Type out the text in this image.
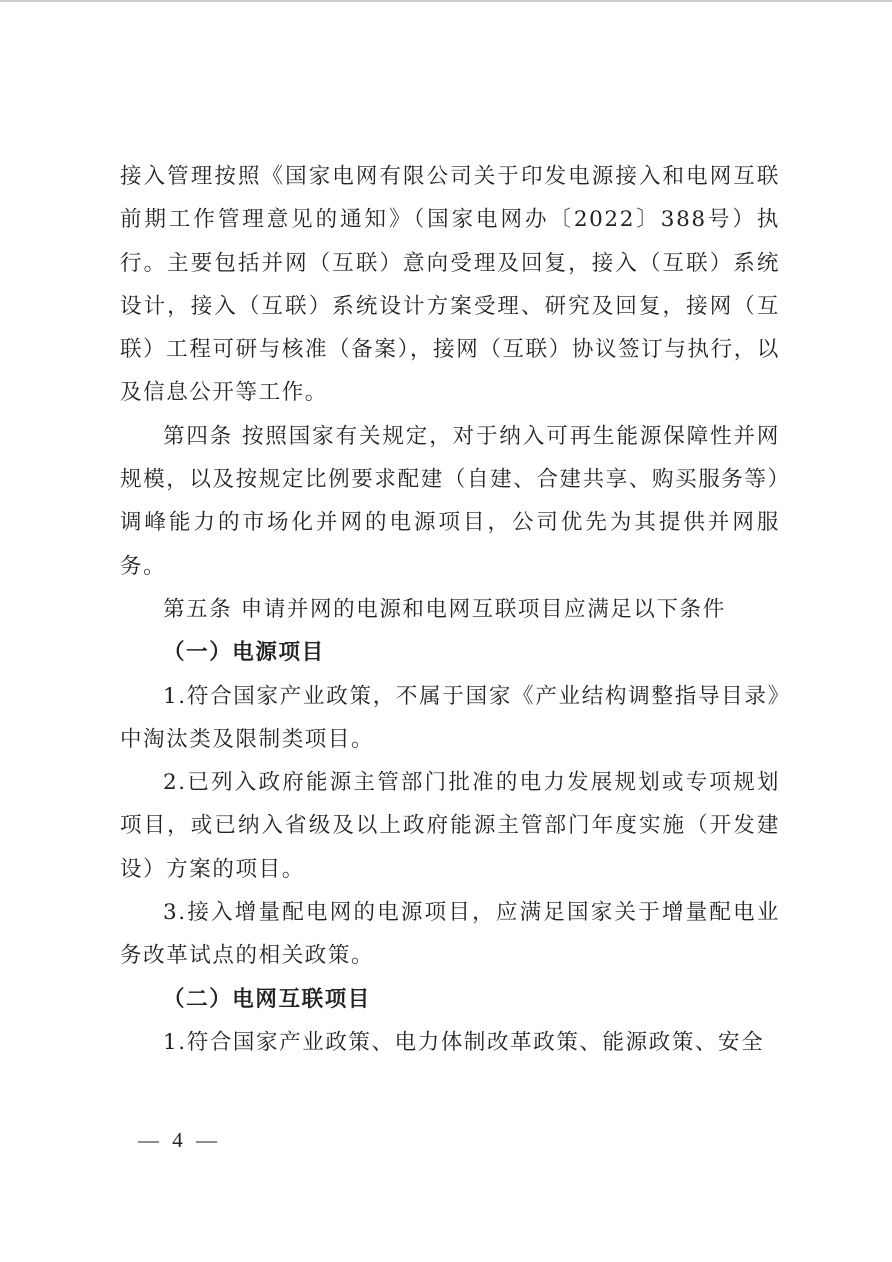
接入管理按照《国家电网有限公司关于印发电源接入和电网互联前期工作管理意见的通知》（国家电网办〔2022〕388号）执行。主要包括并网（互联）意向受理及回复，接入（互联）系统设计，接入（互联）系统设计方案受理、研究及回复，接网（互联）工程可研与核准（备案），接网（互联）协议签订与执行，以及信息公开等工作。

第四条 按照国家有关规定，对于纳入可再生能源保障性并网规模，以及按规定比例要求配建（自建、合建共享、购买服务等）调峰能力的市场化并网的电源项目，公司优先为其提供并网服务。

第五条 申请并网的电源和电网互联项目应满足以下条件

（一）电源项目

1.符合国家产业政策，不属于国家《产业结构调整指导目录》中淘汰类及限制类项目。

2.已列入政府能源主管部门批准的电力发展规划或专项规划项目，或已纳入省级及以上政府能源主管部门年度实施（开发建设）方案的项目。

3.接入增量配电网的电源项目，应满足国家关于增量配电业务改革试点的相关政策。

（二）电网互联项目

1.符合国家产业政策、电力体制改革政策、能源政策、安全

— 4 —
